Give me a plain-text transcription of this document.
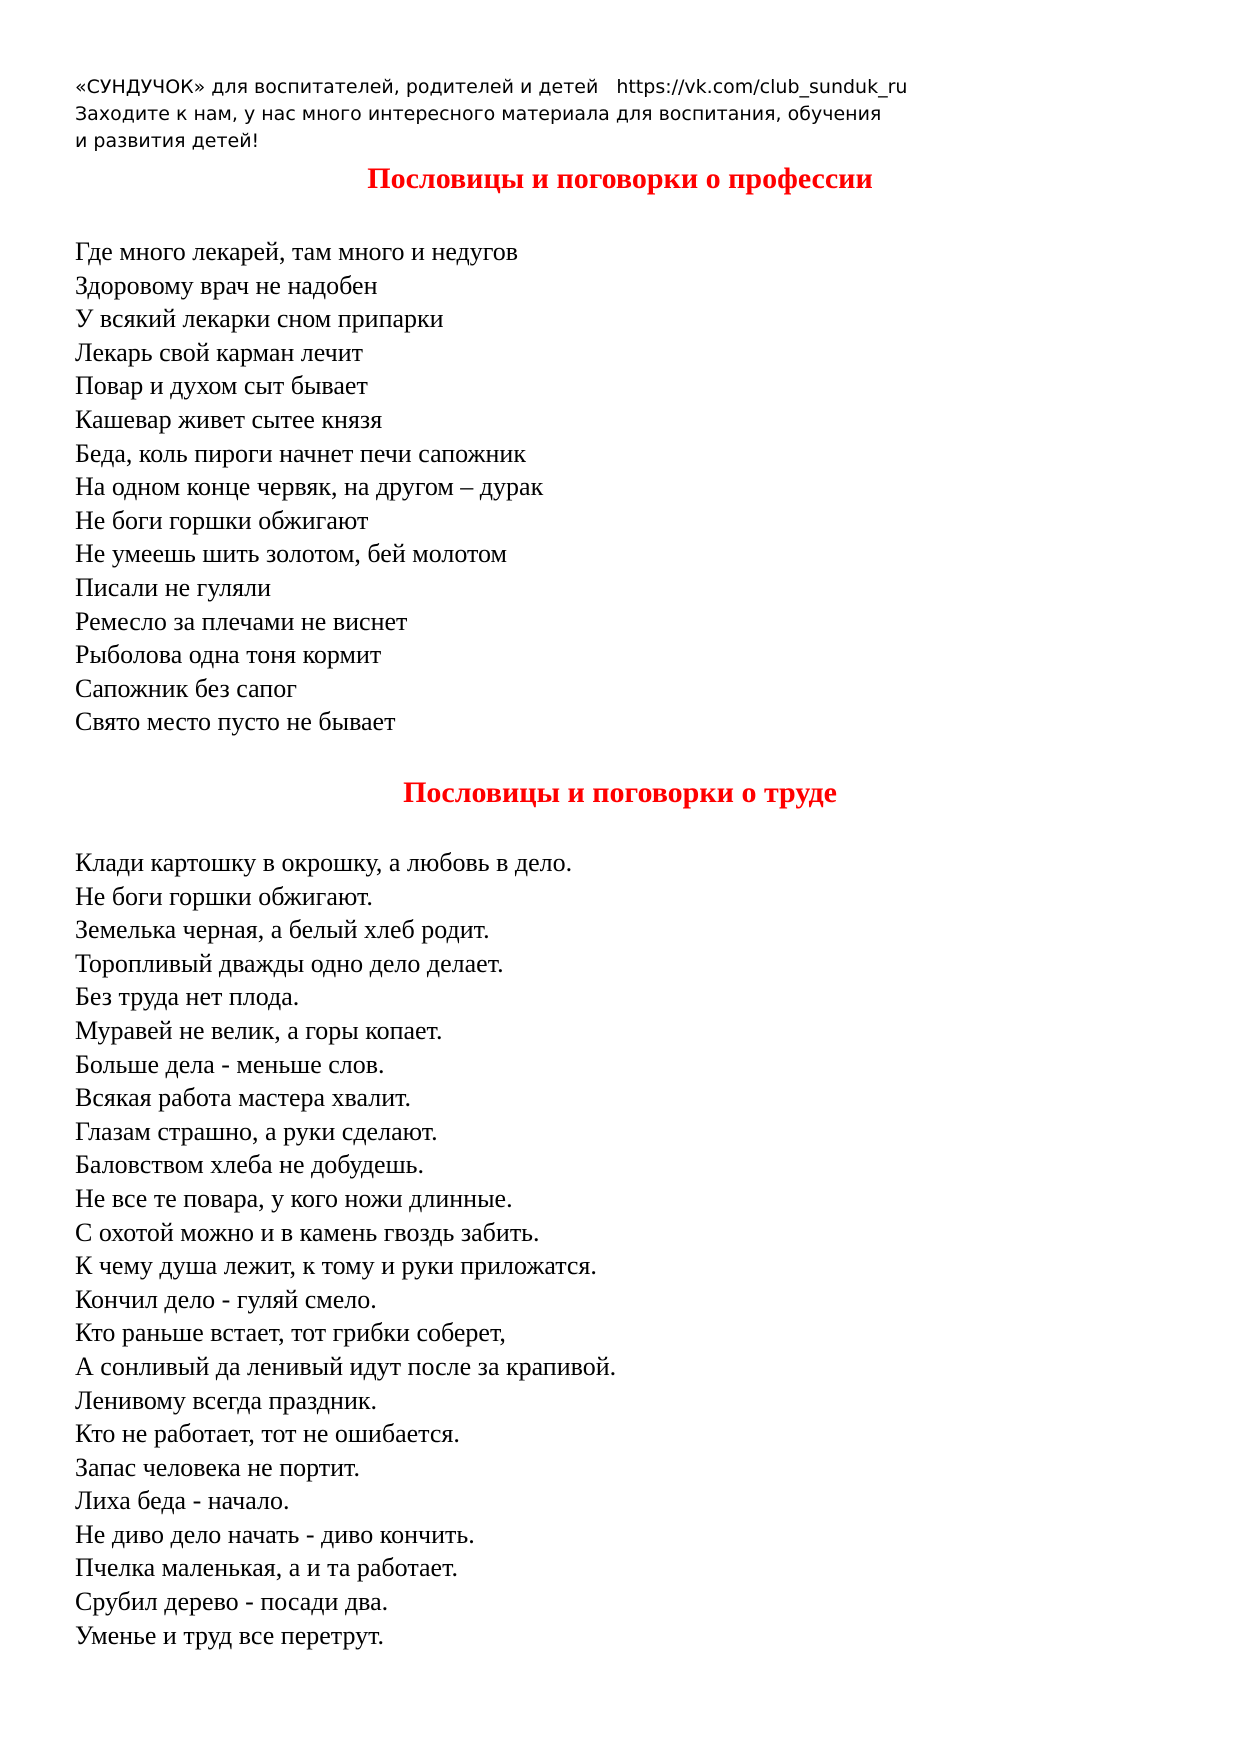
«СУНДУЧОК» для воспитателей, родителей и детей https://vk.com/club_sunduk_ru
Заходите к нам, у нас много интересного материала для воспитания, обучения
и развития детей!
Пословицы и поговорки о профессии
Где много лекарей, там много и недугов
Здоровому врач не надобен
У всякий лекарки сном припарки
Лекарь свой карман лечит
Повар и духом сыт бывает
Кашевар живет сытее князя
Беда, коль пироги начнет печи сапожник
На одном конце червяк, на другом – дурак
Не боги горшки обжигают
Не умеешь шить золотом, бей молотом
Писали не гуляли
Ремесло за плечами не виснет
Рыболова одна тоня кормит
Сапожник без сапог
Свято место пусто не бывает
Пословицы и поговорки о труде
Клади картошку в окрошку, а любовь в дело.
Не боги горшки обжигают.
Земелька черная, а белый хлеб родит.
Торопливый дважды одно дело делает.
Без труда нет плода.
Муравей не велик, а горы копает.
Больше дела - меньше слов.
Всякая работа мастера хвалит.
Глазам страшно, а руки сделают.
Баловством хлеба не добудешь.
Не все те повара, у кого ножи длинные.
С охотой можно и в камень гвоздь забить.
К чему душа лежит, к тому и руки приложатся.
Кончил дело - гуляй смело.
Кто раньше встает, тот грибки соберет,
А сонливый да ленивый идут после за крапивой.
Ленивому всегда праздник.
Кто не работает, тот не ошибается.
Запас человека не портит.
Лиха беда - начало.
Не диво дело начать - диво кончить.
Пчелка маленькая, а и та работает.
Срубил дерево - посади два.
Уменье и труд все перетрут.
